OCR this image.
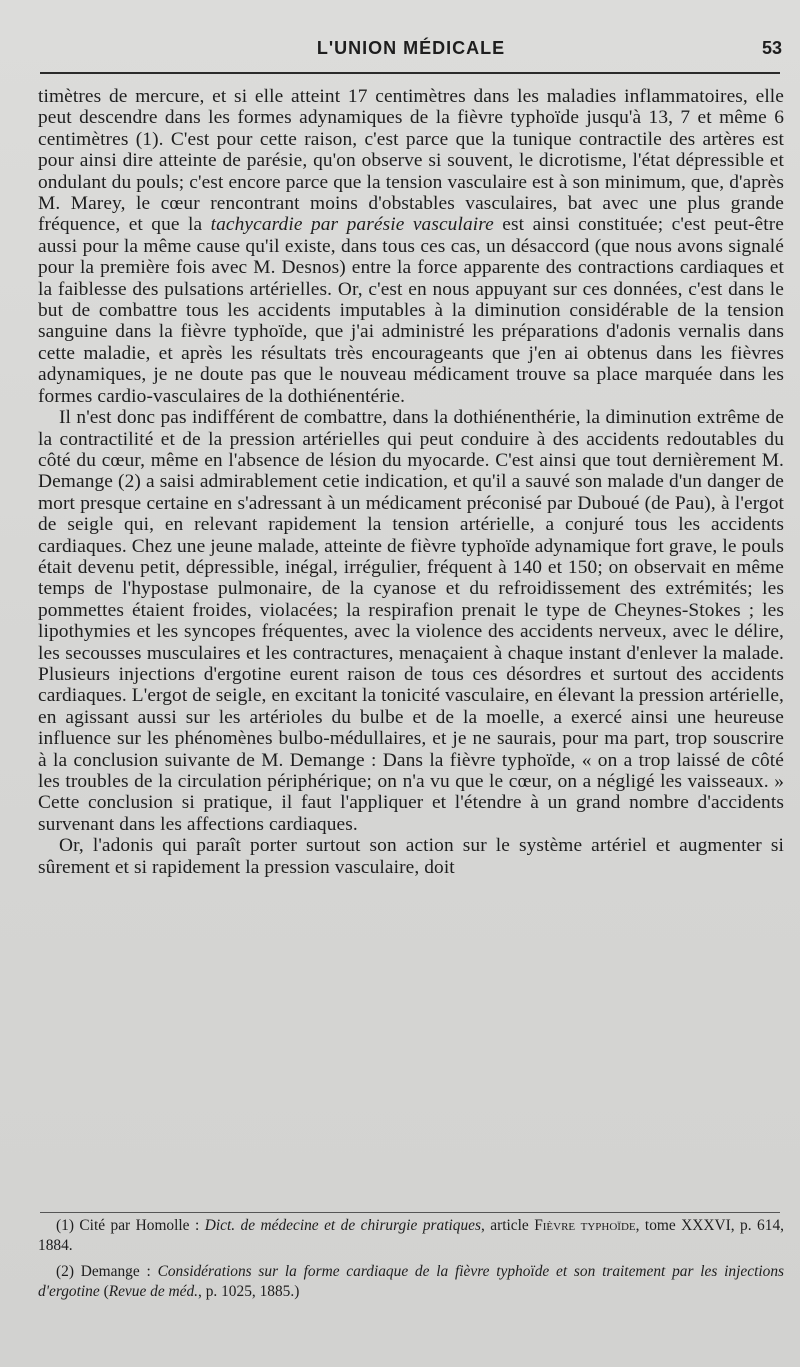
L'UNION MÉDICALE	53

timètres de mercure, et si elle atteint 17 centimètres dans les maladies inflammatoires, elle peut descendre dans les formes adynamiques de la fièvre typhoïde jusqu'à 13, 7 et même 6 centimètres (1). C'est pour cette raison, c'est parce que la tunique contractile des artères est pour ainsi dire atteinte de parésie, qu'on observe si souvent, le dicrotisme, l'état dépressible et ondulant du pouls; c'est encore parce que la tension vasculaire est à son minimum, que, d'après M. Marey, le cœur rencontrant moins d'obstables vasculaires, bat avec une plus grande fréquence, et que la tachycardie par parésie vasculaire est ainsi constituée; c'est peut-être aussi pour la même cause qu'il existe, dans tous ces cas, un désaccord (que nous avons signalé pour la première fois avec M. Desnos) entre la force apparente des contractions cardiaques et la faiblesse des pulsations artérielles. Or, c'est en nous appuyant sur ces données, c'est dans le but de combattre tous les accidents imputables à la diminution considérable de la tension sanguine dans la fièvre typhoïde, que j'ai administré les préparations d'adonis vernalis dans cette maladie, et après les résultats très encourageants que j'en ai obtenus dans les fièvres adynamiques, je ne doute pas que le nouveau médicament trouve sa place marquée dans les formes cardio-vasculaires de la dothiénentérie.

Il n'est donc pas indifférent de combattre, dans la dothiénenthérie, la diminution extrême de la contractilité et de la pression artérielles qui peut conduire à des accidents redoutables du côté du cœur, même en l'absence de lésion du myocarde. C'est ainsi que tout dernièrement M. Demange (2) a saisi admirablement cetie indication, et qu'il a sauvé son malade d'un danger de mort presque certaine en s'adressant à un médicament préconisé par Duboué (de Pau), à l'ergot de seigle qui, en relevant rapidement la tension artérielle, a conjuré tous les accidents cardiaques. Chez une jeune malade, atteinte de fièvre typhoïde adynamique fort grave, le pouls était devenu petit, dépressible, inégal, irrégulier, fréquent à 140 et 150; on observait en même temps de l'hypostase pulmonaire, de la cyanose et du refroidissement des extrémités; les pommettes étaient froides, violacées; la respirafion prenait le type de Cheynes-Stokes ; les lipothymies et les syncopes fréquentes, avec la violence des accidents nerveux, avec le délire, les secousses musculaires et les contractures, menaçaient à chaque instant d'enlever la malade. Plusieurs injections d'ergotine eurent raison de tous ces désordres et surtout des accidents cardiaques. L'ergot de seigle, en excitant la tonicité vasculaire, en élevant la pression artérielle, en agissant aussi sur les artérioles du bulbe et de la moelle, a exercé ainsi une heureuse influence sur les phénomènes bulbo-médullaires, et je ne saurais, pour ma part, trop souscrire à la conclusion suivante de M. Demange : Dans la fièvre typhoïde, « on a trop laissé de côté les troubles de la circulation périphérique; on n'a vu que le cœur, on a négligé les vaisseaux. » Cette conclusion si pratique, il faut l'appliquer et l'étendre à un grand nombre d'accidents survenant dans les affections cardiaques.

Or, l'adonis qui paraît porter surtout son action sur le système artériel et augmenter si sûrement et si rapidement la pression vasculaire, doit

(1) Cité par Homolle : Dict. de médecine et de chirurgie pratiques, article Fièvre typhoïde, tome XXXVI, p. 614, 1884.

(2) Demange : Considérations sur la forme cardiaque de la fièvre typhoïde et son traitement par les injections d'ergotine (Revue de méd., p. 1025, 1885.)
